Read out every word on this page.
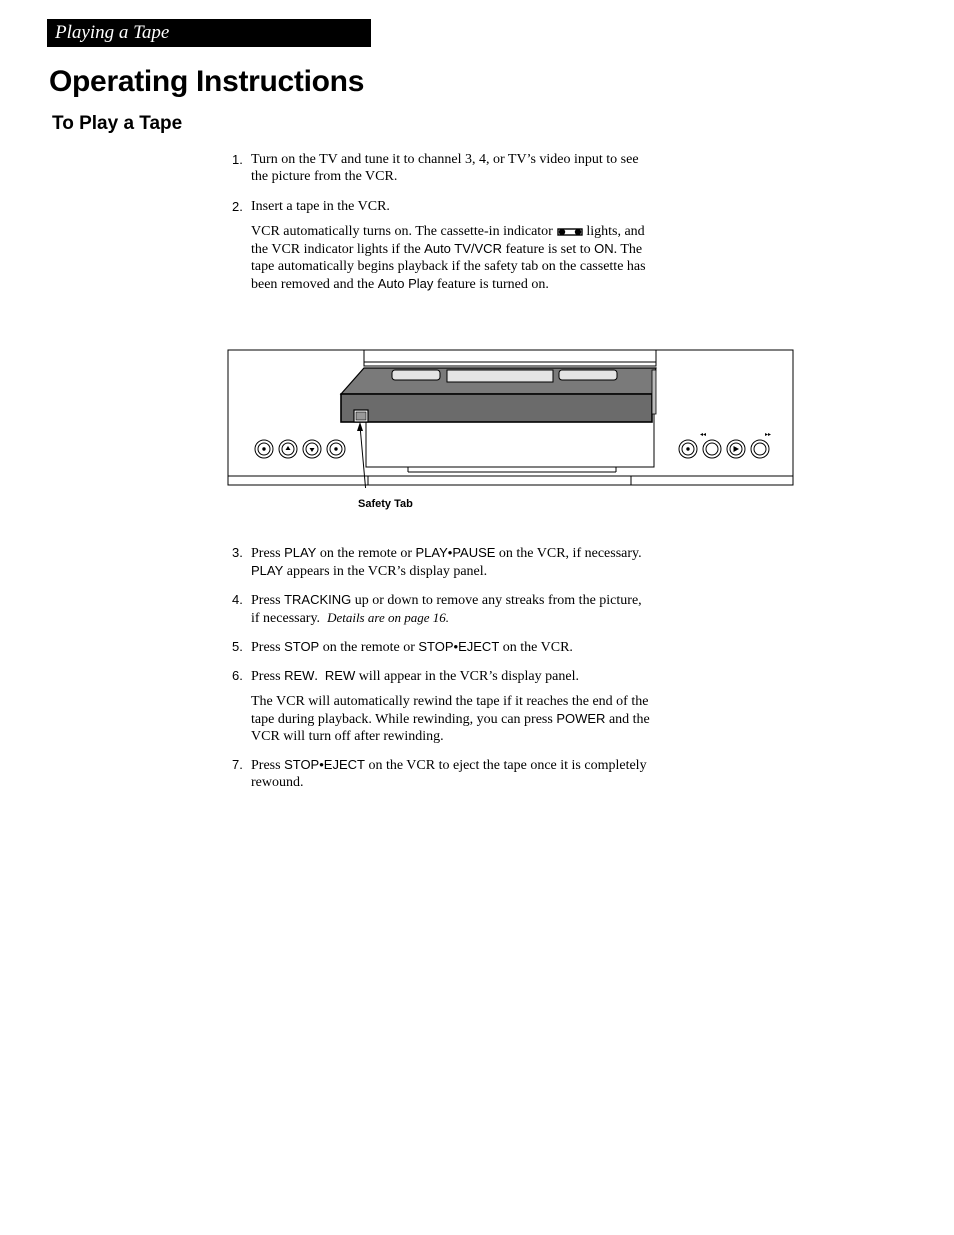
Playing a Tape
Operating Instructions
To Play a Tape
1. Turn on the TV and tune it to channel 3, 4, or TV’s video input to see the picture from the VCR.
2. Insert a tape in the VCR.
VCR automatically turns on. The cassette-in indicator lights, and the VCR indicator lights if the Auto TV/VCR feature is set to ON. The tape automatically begins playback if the safety tab on the cassette has been removed and the Auto Play feature is turned on.
◂◂	▸▸
Safety Tab
3. Press PLAY on the remote or PLAY•PAUSE on the VCR, if necessary.  PLAY appears in the VCR’s display panel.
4. Press TRACKING up or down to remove any streaks from the picture, if necessary. Details are on page 16.
5. Press STOP on the remote or STOP•EJECT on the VCR.
6. Press REW. REW will appear in the VCR’s display panel.
The VCR will automatically rewind the tape if it reaches the end of the tape during playback. While rewinding, you can press POWER and the VCR will turn off after rewinding.
7. Press STOP•EJECT on the VCR to eject the tape once it is completely rewound.
